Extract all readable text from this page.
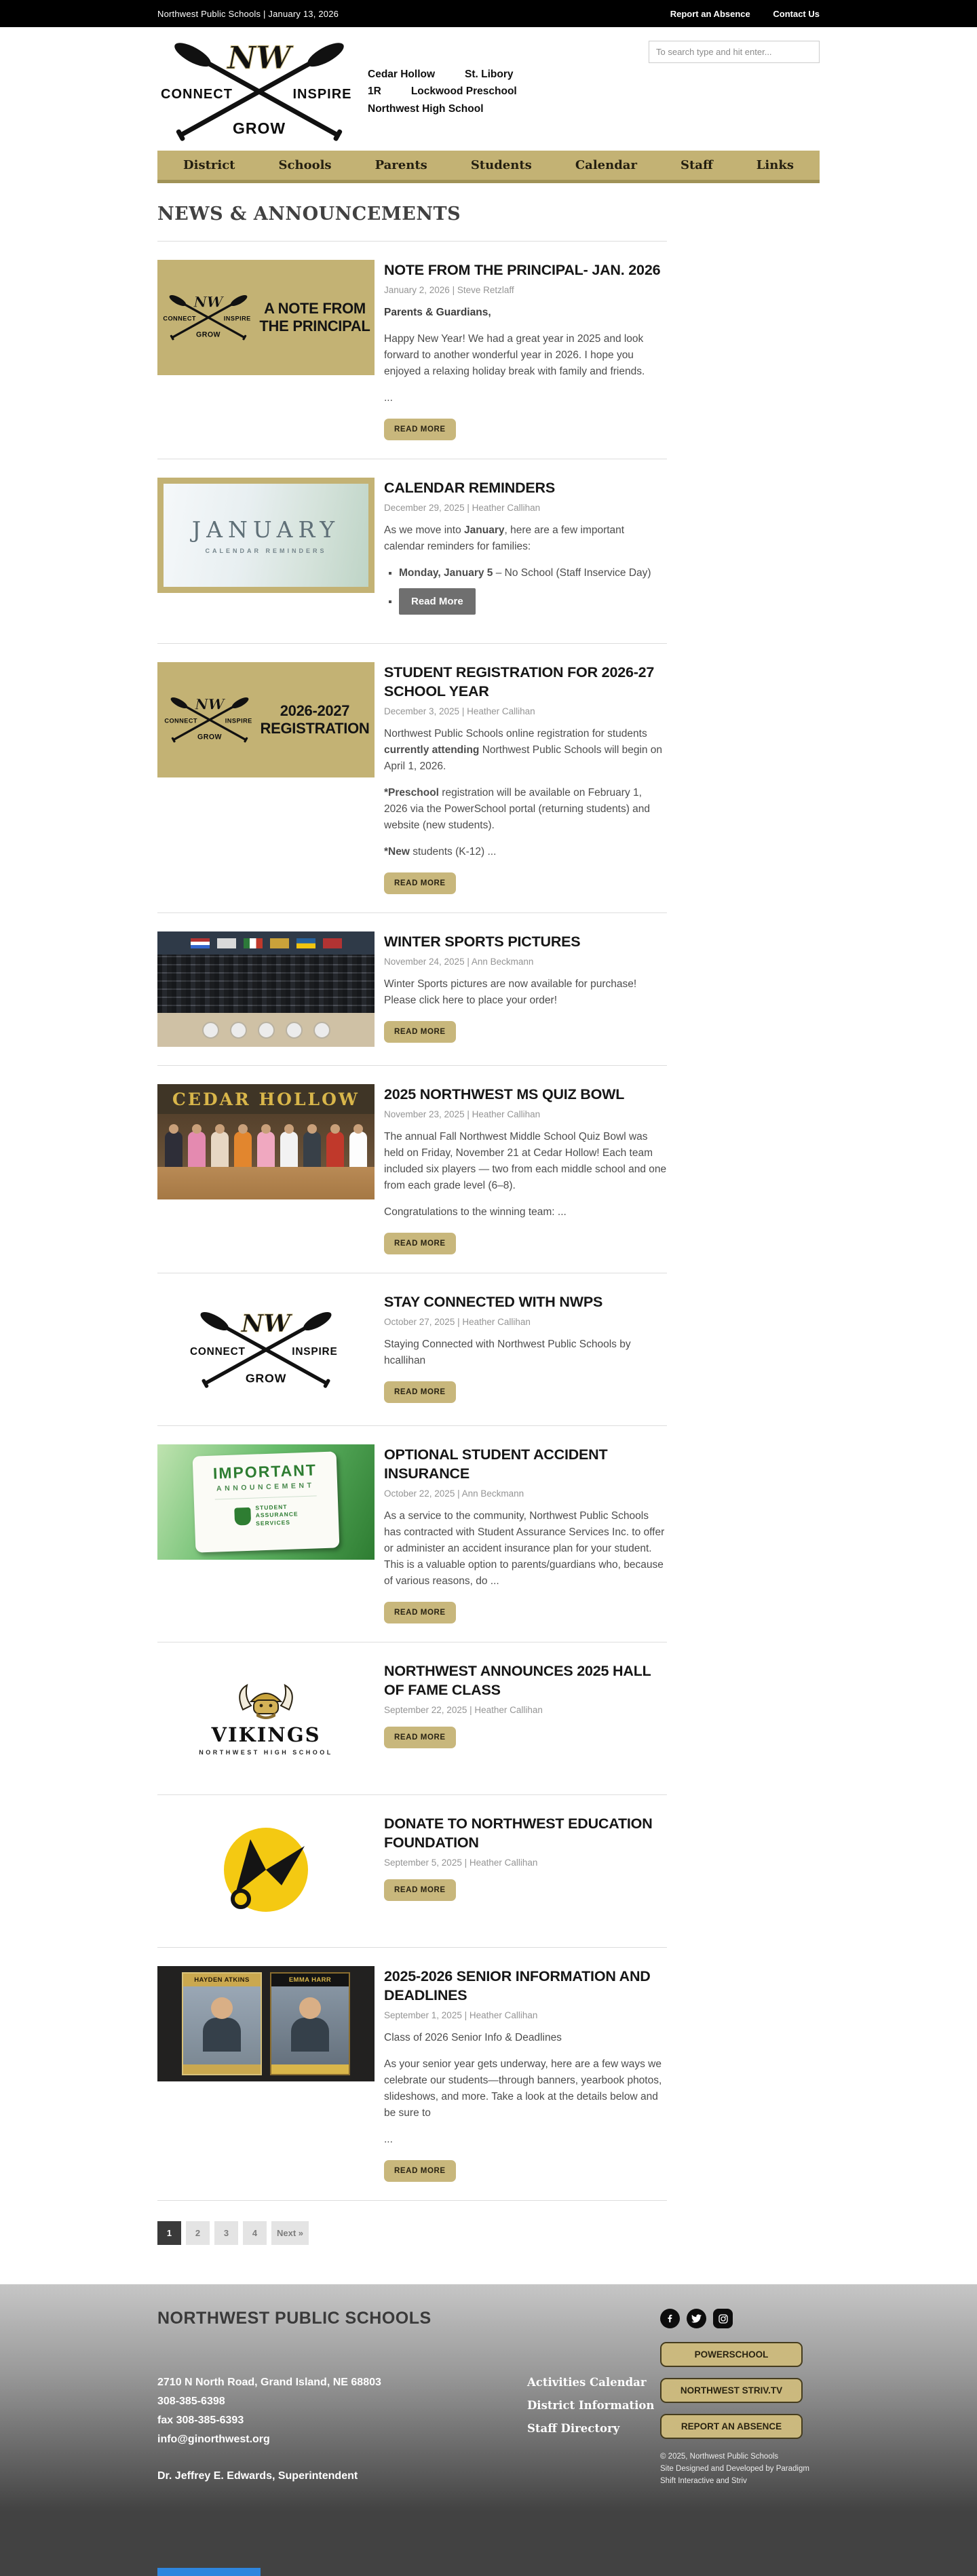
Northwest Public Schools | January 13, 2026	Report an Absence	Contact Us
NW
CONNECT	INSPIRE
GROW
Cedar Hollow	St. Libory
1R	Lockwood Preschool
Northwest High School
To search type and hit enter...
District	Schools	Parents	Students	Calendar	Staff	Links
NEWS & ANNOUNCEMENTS
NW
CONNECT INSPIRE
GROW
A NOTE FROM
THE PRINCIPAL
NOTE FROM THE PRINCIPAL- JAN. 2026
January 2, 2026 | Steve Retzlaff

Parents & Guardians,

Happy New Year! We had a great year in 2025 and look forward to another wonderful year in 2026. I hope you enjoyed a relaxing holiday break with family and friends.

...

READ MORE
JANUARY
CALENDAR REMINDERS
CALENDAR REMINDERS
December 29, 2025 | Heather Callihan

As we move into January, here are a few important calendar reminders for families:

▪ Monday, January 5 – No School (Staff Inservice Day)
▪ Read More
NW
CONNECT INSPIRE
GROW
2026-2027
REGISTRATION
STUDENT REGISTRATION FOR 2026-27 SCHOOL YEAR
December 3, 2025 | Heather Callihan

Northwest Public Schools online registration for students currently attending Northwest Public Schools will begin on April 1, 2026.

*Preschool registration will be available on February 1, 2026 via the PowerSchool portal (returning students) and website (new students).

*New students (K-12) ...

READ MORE
WINTER SPORTS PICTURES
November 24, 2025 | Ann Beckmann

Winter Sports pictures are now available for purchase! Please click here to place your order!

READ MORE
CEDAR HOLLOW 2025 NORTHWEST MS QUIZ BOWL
November 23, 2025 | Heather Callihan

The annual Fall Northwest Middle School Quiz Bowl was held on Friday, November 21 at Cedar Hollow! Each team included six players — two from each middle school and one from each grade level (6–8).

Congratulations to the winning team: ...

READ MORE
NW
CONNECT	INSPIRE
GROW
STAY CONNECTED WITH NWPS
October 27, 2025 | Heather Callihan

Staying Connected with Northwest Public Schools by hcallihan

READ MORE
IMPORTANT
ANNOUNCEMENT
STUDENT
ASSURANCE
SERVICES
OPTIONAL STUDENT ACCIDENT INSURANCE
October 22, 2025 | Ann Beckmann

As a service to the community, Northwest Public Schools has contracted with Student Assurance Services Inc. to offer or administer an accident insurance plan for your student. This is a valuable option to parents/guardians who, because of various reasons, do ...

READ MORE
VIKINGS
NORTHWEST HIGH SCHOOL
NORTHWEST ANNOUNCES 2025 HALL OF FAME CLASS
September 22, 2025 | Heather Callihan
READ MORE
DONATE TO NORTHWEST EDUCATION FOUNDATION
September 5, 2025 | Heather Callihan
READ MORE
HAYDEN ATKINS	EMMA HARR	2025-2026 SENIOR INFORMATION AND DEADLINES
September 1, 2025 | Heather Callihan

Class of 2026 Senior Info & Deadlines

As your senior year gets underway, here are a few ways we celebrate our students—through banners, yearbook photos, slideshows, and more. Take a look at the details below and be sure to

...

READ MORE
1	2	3	4	Next »
NORTHWEST PUBLIC SCHOOLS
2710 N North Road, Grand Island, NE 68803
308-385-6398
fax 308-385-6393
info@ginorthwest.org
Dr. Jeffrey E. Edwards, Superintendent
Activities Calendar
District Information
Staff Directory
POWERSCHOOL
NORTHWEST STRIV.TV
REPORT AN ABSENCE
© 2025, Northwest Public Schools
Site Designed and Developed by Paradigm
Shift Interactive and Striv
